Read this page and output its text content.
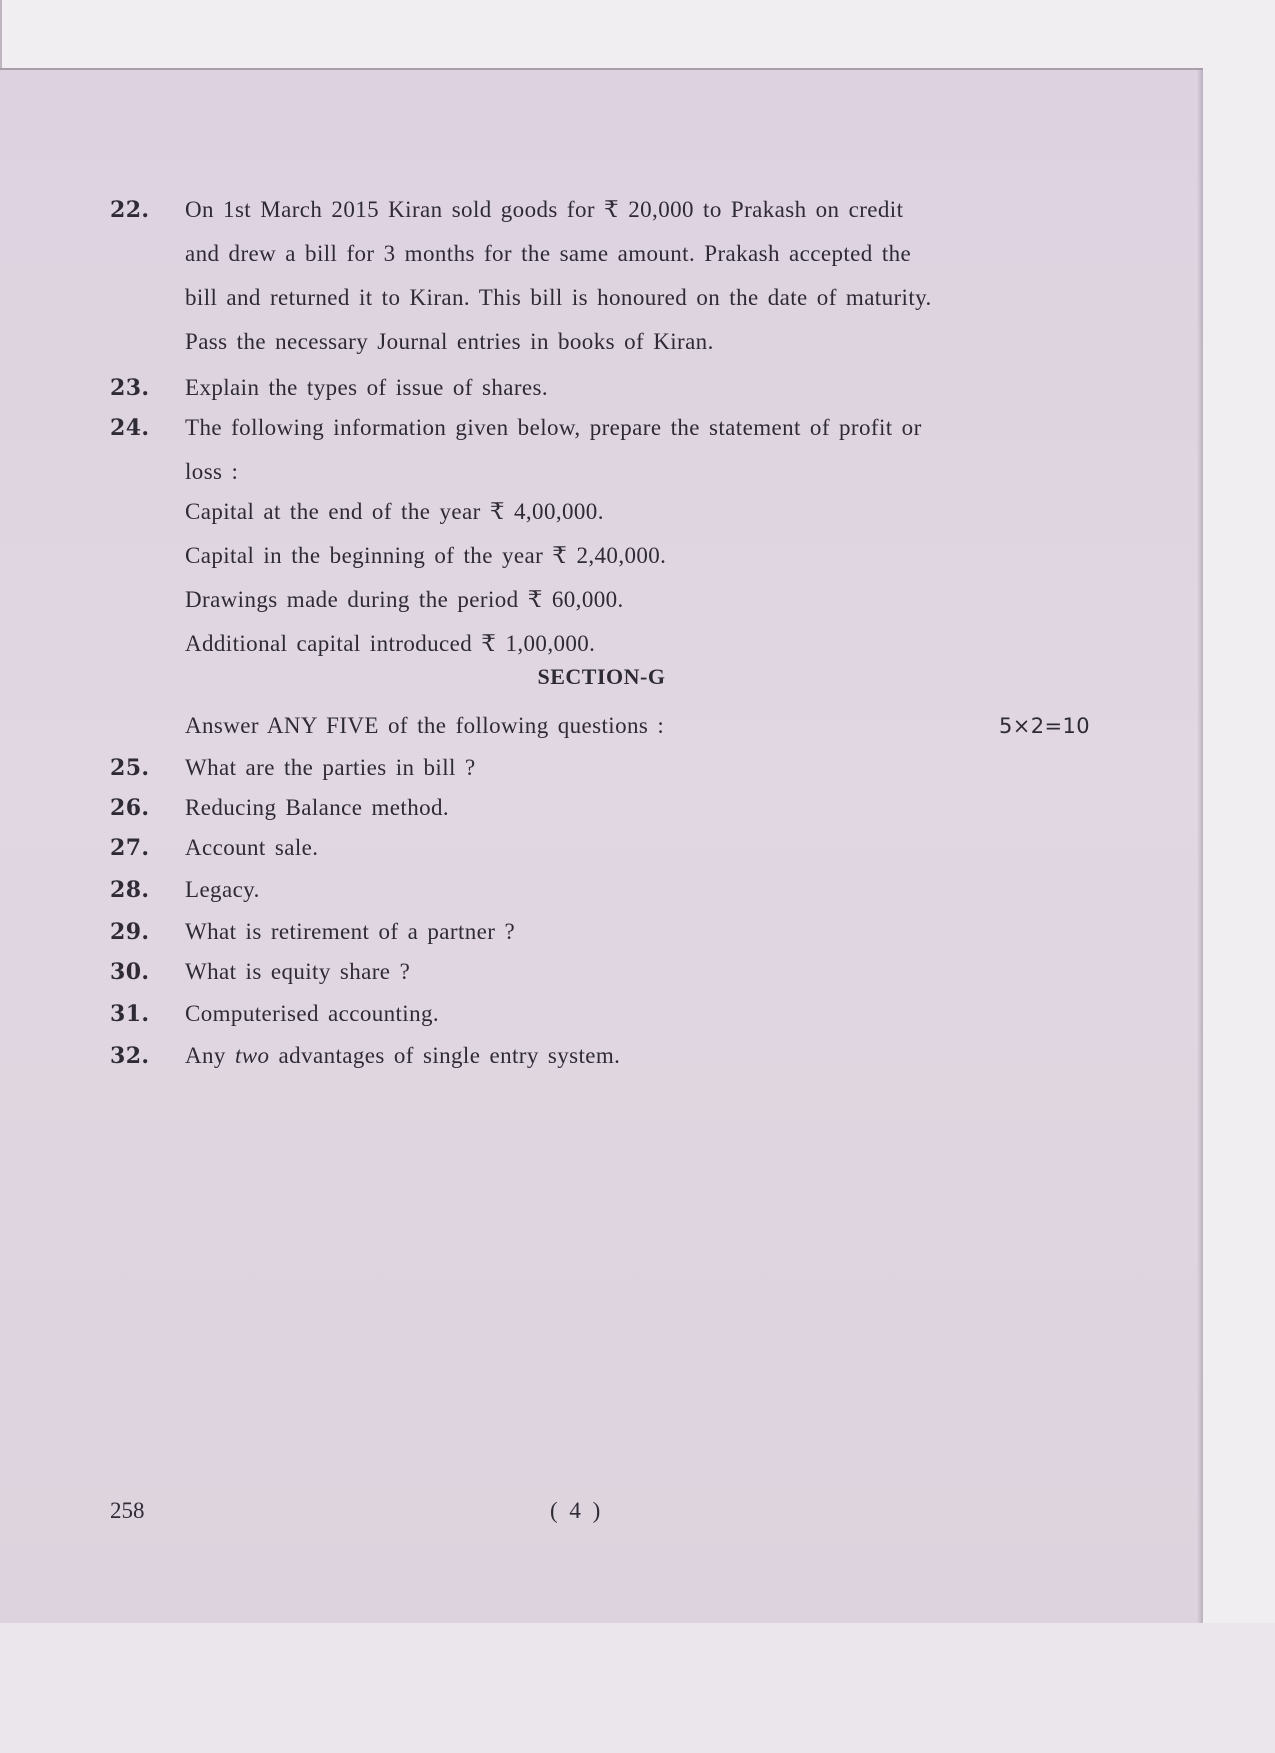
22. On 1st March 2015 Kiran sold goods for ₹ 20,000 to Prakash on credit
and drew a bill for 3 months for the same amount. Prakash accepted the
bill and returned it to Kiran. This bill is honoured on the date of maturity.
Pass the necessary Journal entries in books of Kiran.
23. Explain the types of issue of shares.
24. The following information given below, prepare the statement of profit or
loss :
Capital at the end of the year ₹ 4,00,000.
Capital in the beginning of the year ₹ 2,40,000.
Drawings made during the period ₹ 60,000.
Additional capital introduced ₹ 1,00,000.
SECTION-G
Answer ANY FIVE of the following questions :	5×2=10
25. What are the parties in bill ?
26. Reducing Balance method.
27. Account sale.
28. Legacy.
29. What is retirement of a partner ?
30. What is equity share ?
31. Computerised accounting.
32. Any two advantages of single entry system.
258	( 4 )
